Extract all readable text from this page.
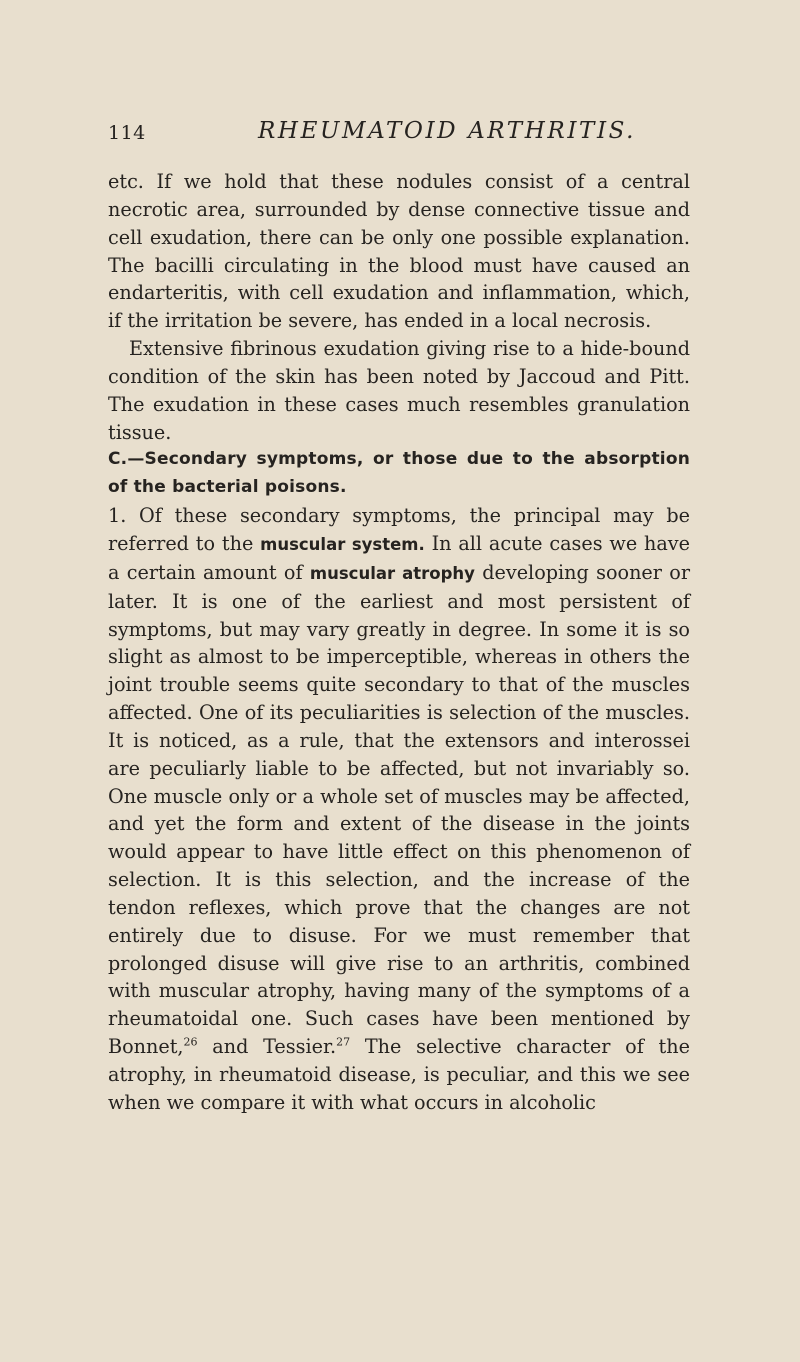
114	RHEUMATOID ARTHRITIS.

etc. If we hold that these nodules consist of a central necrotic area, surrounded by dense connective tissue and cell exudation, there can be only one possible explanation. The bacilli circulating in the blood must have caused an endarteritis, with cell exudation and inflammation, which, if the irritation be severe, has ended in a local necrosis.

Extensive fibrinous exudation giving rise to a hide-bound condition of the skin has been noted by Jaccoud and Pitt. The exudation in these cases much resembles granulation tissue.

C.—Secondary symptoms, or those due to the absorption of the bacterial poisons.

1. Of these secondary symptoms, the principal may be referred to the muscular system. In all acute cases we have a certain amount of muscular atrophy developing sooner or later. It is one of the earliest and most persistent of symptoms, but may vary greatly in degree. In some it is so slight as almost to be imperceptible, whereas in others the joint trouble seems quite secondary to that of the muscles affected. One of its peculiarities is selection of the muscles. It is noticed, as a rule, that the extensors and interossei are peculiarly liable to be affected, but not invariably so. One muscle only or a whole set of muscles may be affected, and yet the form and extent of the disease in the joints would appear to have little effect on this phenomenon of selection. It is this selection, and the increase of the tendon reflexes, which prove that the changes are not entirely due to disuse. For we must remember that prolonged disuse will give rise to an arthritis, combined with muscular atrophy, having many of the symptoms of a rheumatoidal one. Such cases have been mentioned by Bonnet,$^{26}$ and Tessier.$^{27}$ The selective character of the atrophy, in rheumatoid disease, is peculiar, and this we see when we compare it with what occurs in alcoholic
